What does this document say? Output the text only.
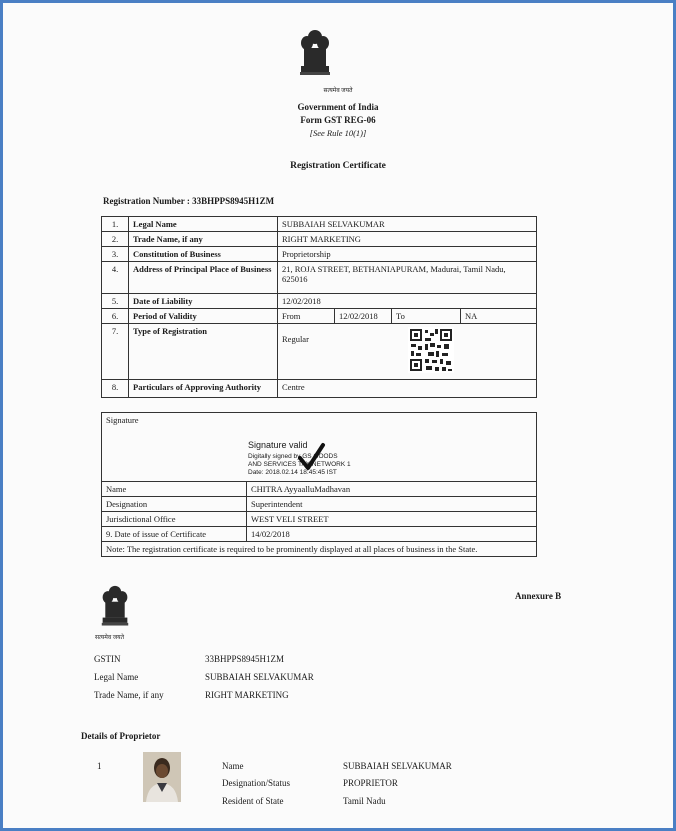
सत्यमेव जयते
Government of India
Form GST REG-06
[See Rule 10(1)]
Registration Certificate
Registration Number : 33BHPPS8945H1ZM
1.	Legal Name	SUBBAIAH SELVAKUMAR			
2.	Trade Name, if any	RIGHT MARKETING			
3.	Constitution of Business	Proprietorship			
4.	Address of Principal Place of Business	21, ROJA STREET, BETHANIAPURAM, Madurai, Tamil Nadu, 625016			
5.	Date of Liability	12/02/2018			
6.	Period of Validity	From	12/02/2018	To	NA
7.	Type of Registration	Regular			

8.	Particulars of Approving Authority	Centre			
Signature	
Name	CHITRA AyyaalluMadhavan
Designation	Superintendent
Jurisdictional Office	WEST VELI STREET
9. Date of issue of Certificate	14/02/2018
Note: The registration certificate is required to be prominently displayed at all places of business in the State.	
Signature valid
Digitally signed by GS GOODS
AND SERVICES TAX NETWORK 1
Date: 2018.02.14 18:45:45 IST
Annexure B
सत्यमेव जयते
GSTIN	33BHPPS8945H1ZM
Legal Name	SUBBAIAH SELVAKUMAR
Trade Name, if any	RIGHT MARKETING
Details of Proprietor
1	Name	SUBBAIAH SELVAKUMAR
Designation/Status	PROPRIETOR
Resident of State	Tamil Nadu
